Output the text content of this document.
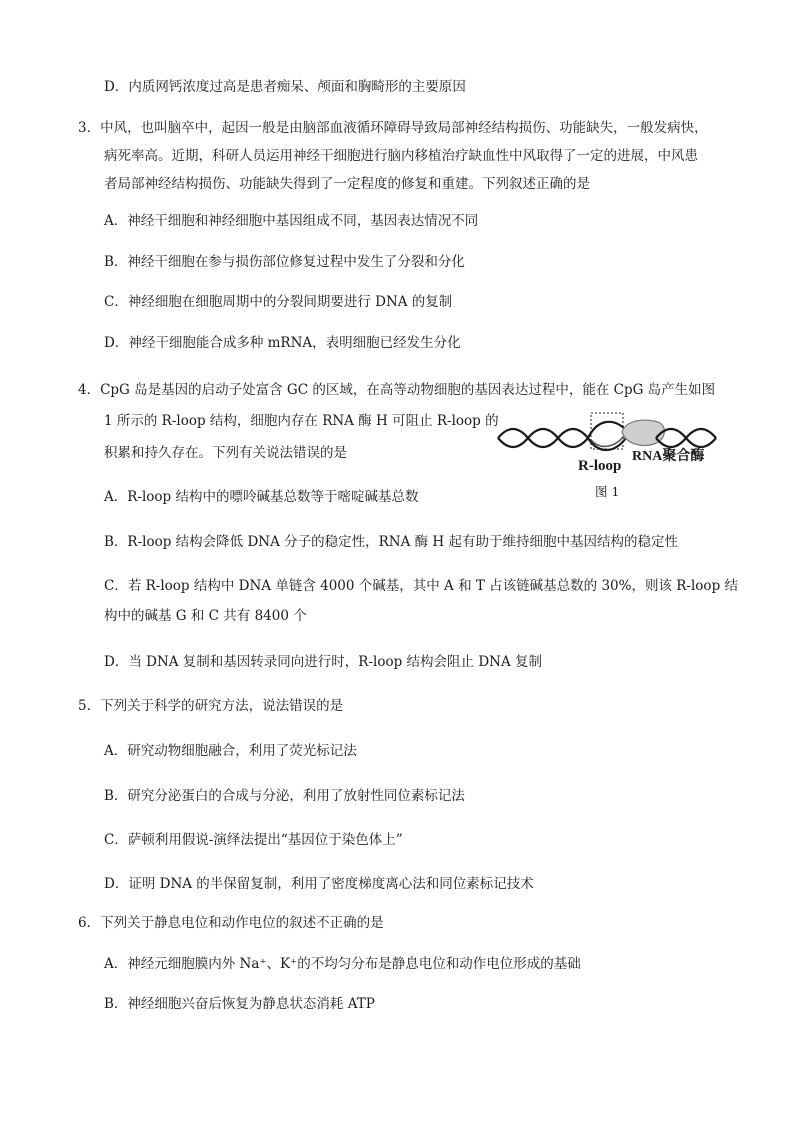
D．内质网钙浓度过高是患者痴呆、颅面和胸畸形的主要原因
3．中风，也叫脑卒中，起因一般是由脑部血液循环障碍导致局部神经结构损伤、功能缺失，一般发病快，
病死率高。近期，科研人员运用神经干细胞进行脑内移植治疗缺血性中风取得了一定的进展，中风患
者局部神经结构损伤、功能缺失得到了一定程度的修复和重建。下列叙述正确的是
A．神经干细胞和神经细胞中基因组成不同，基因表达情况不同
B．神经干细胞在参与损伤部位修复过程中发生了分裂和分化
C．神经细胞在细胞周期中的分裂间期要进行 DNA 的复制
D．神经干细胞能合成多种 mRNA，表明细胞已经发生分化
4．CpG 岛是基因的启动子处富含 GC 的区域，在高等动物细胞的基因表达过程中，能在 CpG 岛产生如图
1 所示的 R-loop 结构，细胞内存在 RNA 酶 H 可阻止 R-loop 的
积累和持久存在。下列有关说法错误的是
R-loop
RNA聚合酶
图 1
A．R-loop 结构中的嘌呤碱基总数等于嘧啶碱基总数
B．R-loop 结构会降低 DNA 分子的稳定性，RNA 酶 H 起有助于维持细胞中基因结构的稳定性
C．若 R-loop 结构中 DNA 单链含 4000 个碱基，其中 A 和 T 占该链碱基总数的 30%，则该 R-loop 结
构中的碱基 G 和 C 共有 8400 个
D．当 DNA 复制和基因转录同向进行时，R-loop 结构会阻止 DNA 复制
5．下列关于科学的研究方法，说法错误的是
A．研究动物细胞融合，利用了荧光标记法
B．研究分泌蛋白的合成与分泌，利用了放射性同位素标记法
C．萨顿利用假说-演绎法提出“基因位于染色体上”
D．证明 DNA 的半保留复制，利用了密度梯度离心法和同位素标记技术
6．下列关于静息电位和动作电位的叙述不正确的是
A．神经元细胞膜内外 Na⁺、K⁺的不均匀分布是静息电位和动作电位形成的基础
B．神经细胞兴奋后恢复为静息状态消耗 ATP
